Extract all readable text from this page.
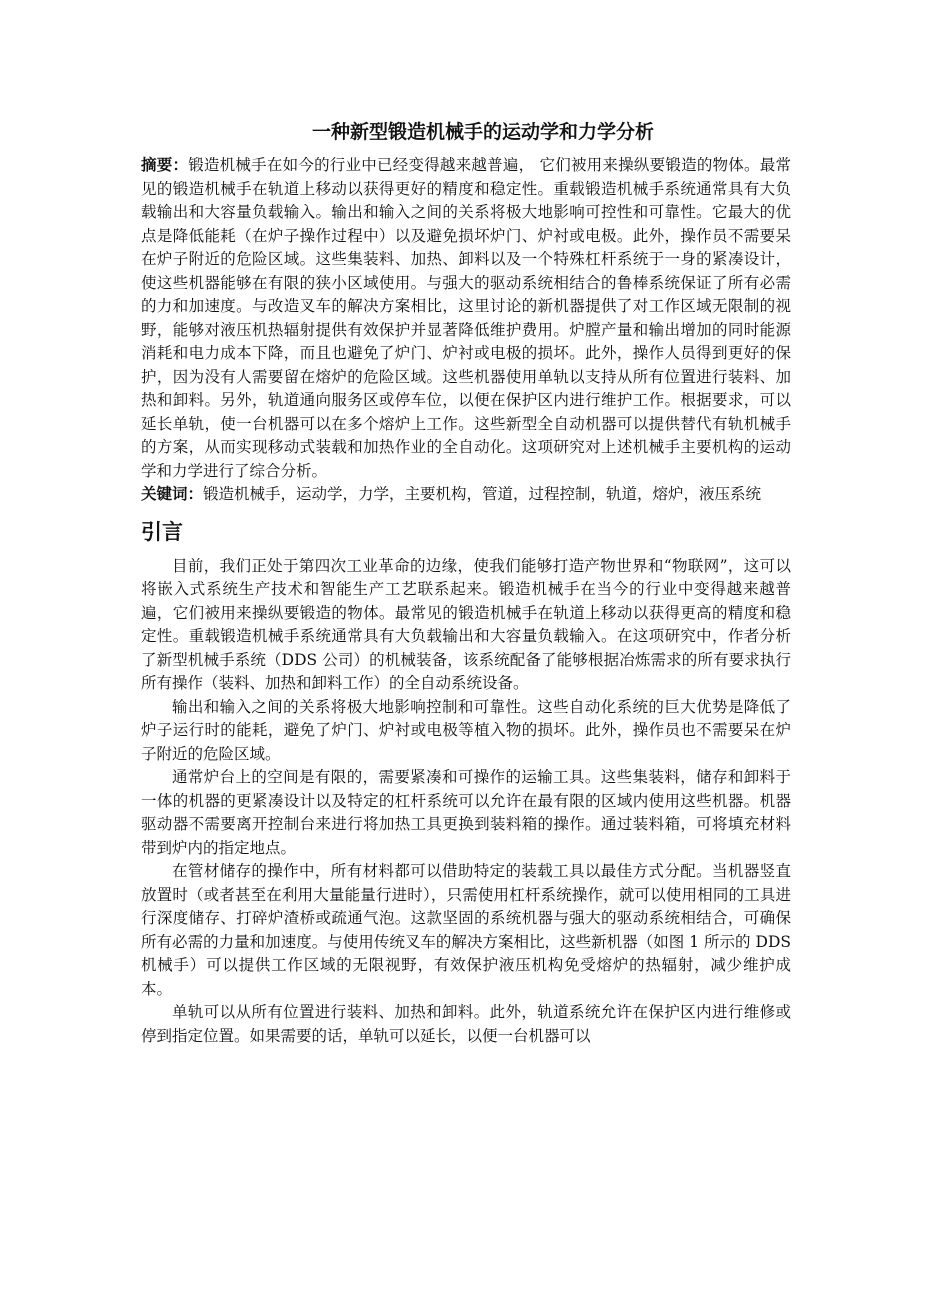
一种新型锻造机械手的运动学和力学分析

摘要：锻造机械手在如今的行业中已经变得越来越普遍， 它们被用来操纵要锻造的物体。最常见的锻造机械手在轨道上移动以获得更好的精度和稳定性。重载锻造机械手系统通常具有大负载输出和大容量负载输入。输出和输入之间的关系将极大地影响可控性和可靠性。它最大的优点是降低能耗（在炉子操作过程中）以及避免损坏炉门、炉衬或电极。此外，操作员不需要呆在炉子附近的危险区域。这些集装料、加热、卸料以及一个特殊杠杆系统于一身的紧凑设计，使这些机器能够在有限的狭小区域使用。与强大的驱动系统相结合的鲁棒系统保证了所有必需的力和加速度。与改造叉车的解决方案相比，这里讨论的新机器提供了对工作区域无限制的视野，能够对液压机热辐射提供有效保护并显著降低维护费用。炉膛产量和输出增加的同时能源消耗和电力成本下降，而且也避免了炉门、炉衬或电极的损坏。此外，操作人员得到更好的保护，因为没有人需要留在熔炉的危险区域。这些机器使用单轨以支持从所有位置进行装料、加热和卸料。另外，轨道通向服务区或停车位，以便在保护区内进行维护工作。根据要求，可以延长单轨，使一台机器可以在多个熔炉上工作。这些新型全自动机器可以提供替代有轨机械手的方案，从而实现移动式装载和加热作业的全自动化。这项研究对上述机械手主要机构的运动学和力学进行了综合分析。

关键词：锻造机械手，运动学，力学，主要机构，管道，过程控制，轨道，熔炉，液压系统

引言

目前，我们正处于第四次工业革命的边缘，使我们能够打造产物世界和“物联网”，这可以将嵌入式系统生产技术和智能生产工艺联系起来。锻造机械手在当今的行业中变得越来越普遍，它们被用来操纵要锻造的物体。最常见的锻造机械手在轨道上移动以获得更高的精度和稳定性。重载锻造机械手系统通常具有大负载输出和大容量负载输入。在这项研究中，作者分析了新型机械手系统（DDS 公司）的机械装备，该系统配备了能够根据冶炼需求的所有要求执行所有操作（装料、加热和卸料工作）的全自动系统设备。

输出和输入之间的关系将极大地影响控制和可靠性。这些自动化系统的巨大优势是降低了炉子运行时的能耗，避免了炉门、炉衬或电极等植入物的损坏。此外，操作员也不需要呆在炉子附近的危险区域。

通常炉台上的空间是有限的，需要紧凑和可操作的运输工具。这些集装料，储存和卸料于一体的机器的更紧凑设计以及特定的杠杆系统可以允许在最有限的区域内使用这些机器。机器驱动器不需要离开控制台来进行将加热工具更换到装料箱的操作。通过装料箱，可将填充材料带到炉内的指定地点。

在管材储存的操作中，所有材料都可以借助特定的装载工具以最佳方式分配。当机器竖直放置时（或者甚至在利用大量能量行进时），只需使用杠杆系统操作，就可以使用相同的工具进行深度储存、打碎炉渣桥或疏通气泡。这款坚固的系统机器与强大的驱动系统相结合，可确保所有必需的力量和加速度。与使用传统叉车的解决方案相比，这些新机器（如图 1 所示的 DDS 机械手）可以提供工作区域的无限视野，有效保护液压机构免受熔炉的热辐射，减少维护成本。

单轨可以从所有位置进行装料、加热和卸料。此外，轨道系统允许在保护区内进行维修或停到指定位置。如果需要的话，单轨可以延长，以便一台机器可以
